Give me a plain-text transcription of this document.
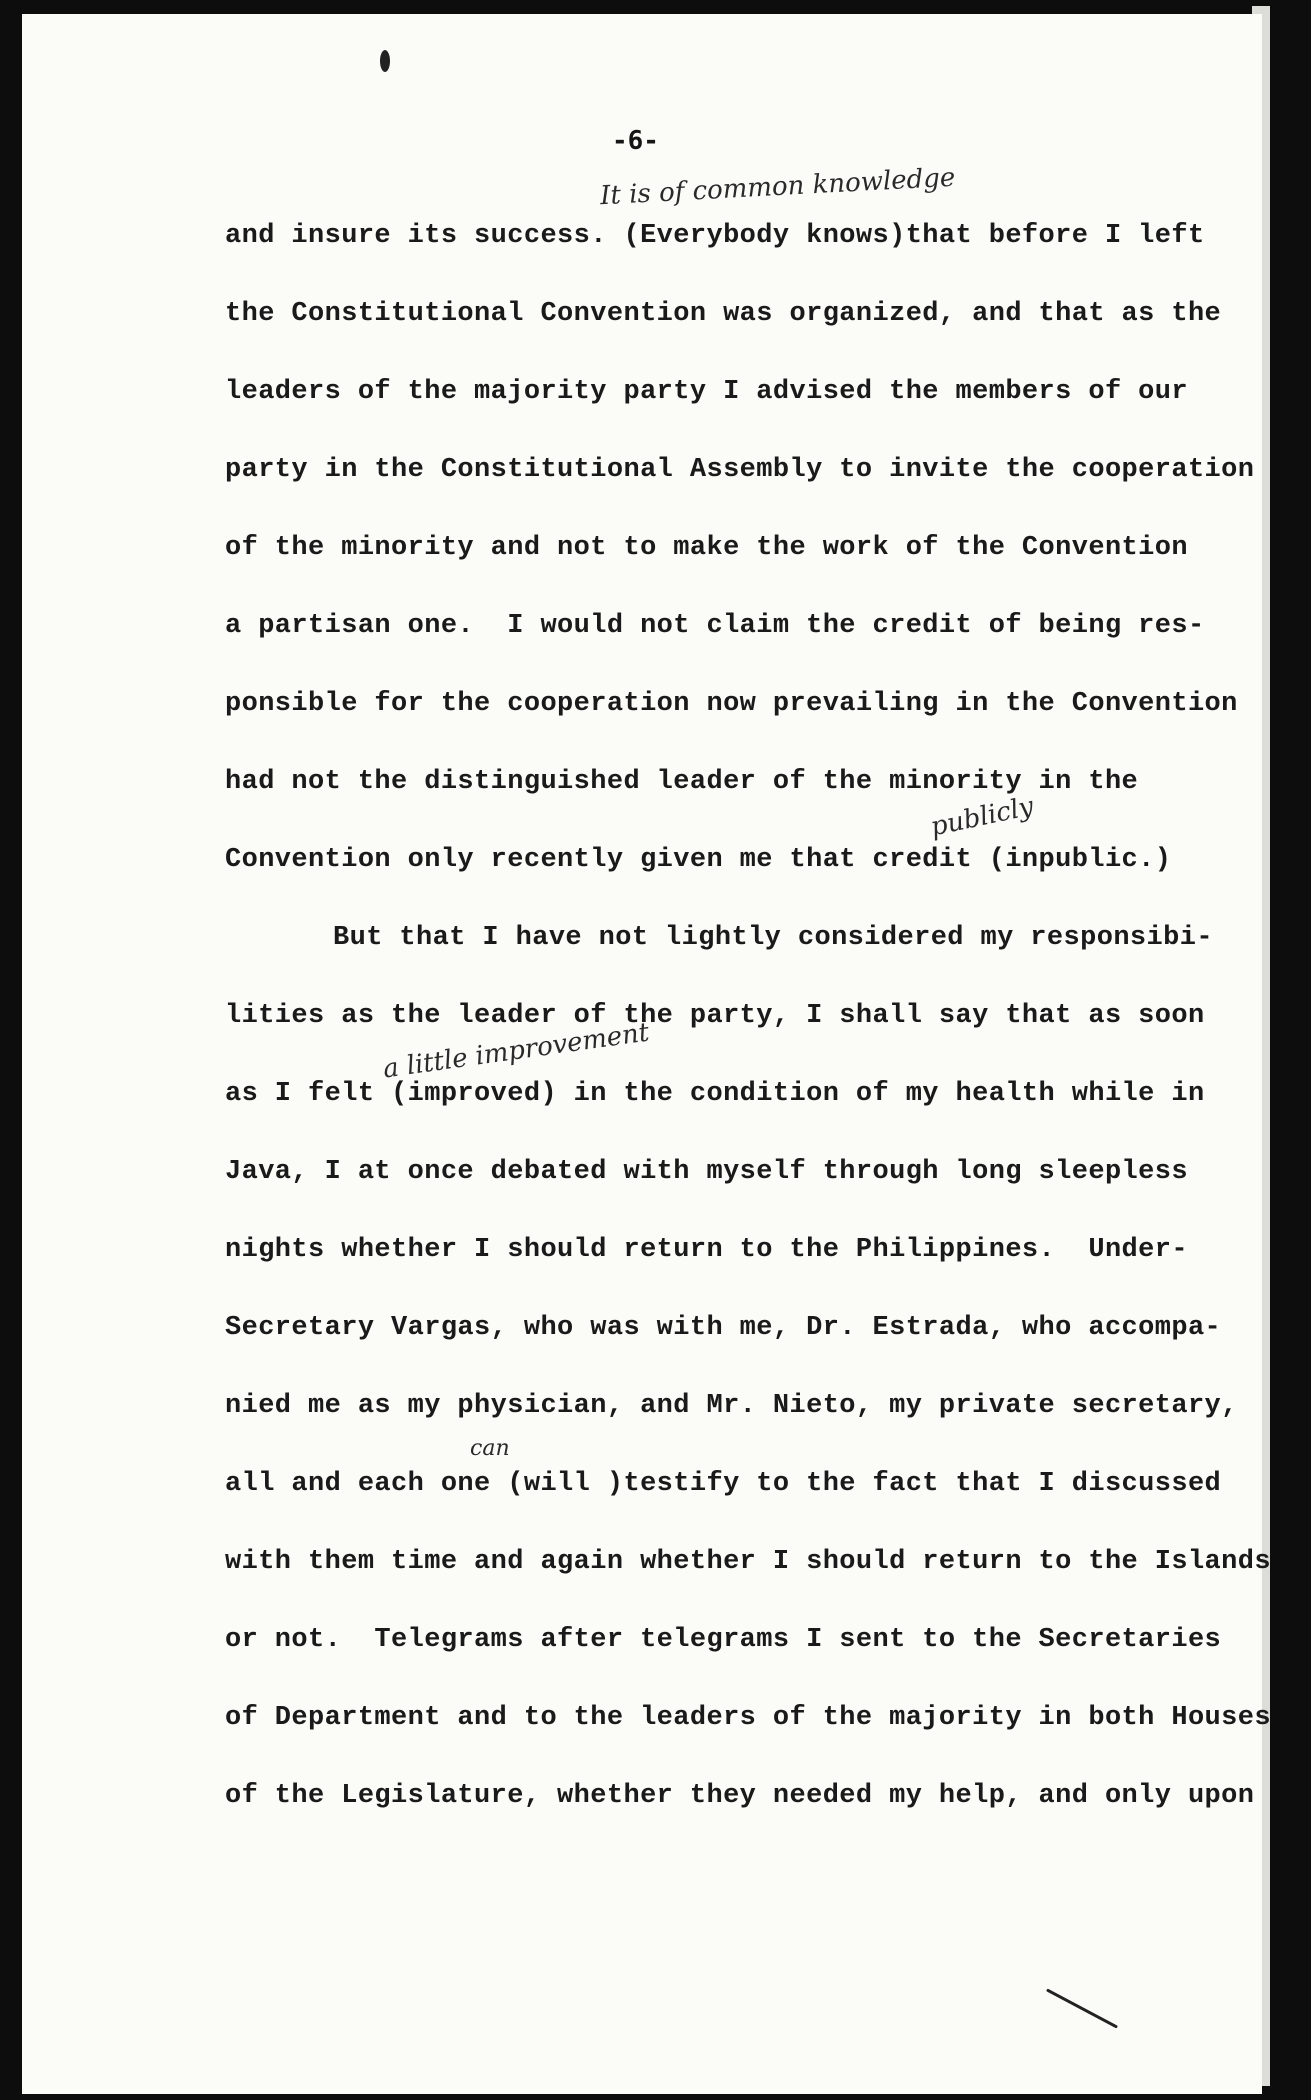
-6-
and insure its success. (Everybody knows)that before I left
the Constitutional Convention was organized, and that as the
leaders of the majority party I advised the members of our
party in the Constitutional Assembly to invite the cooperation
of the minority and not to make the work of the Convention
a partisan one.  I would not claim the credit of being res-
ponsible for the cooperation now prevailing in the Convention
had not the distinguished leader of the minority in the
Convention only recently given me that credit (inpublic.)
But that I have not lightly considered my responsibi-
lities as the leader of the party, I shall say that as soon
as I felt (improved) in the condition of my health while in
Java, I at once debated with myself through long sleepless
nights whether I should return to the Philippines.  Under-
Secretary Vargas, who was with me, Dr. Estrada, who accompa-
nied me as my physician, and Mr. Nieto, my private secretary,
all and each one (will )testify to the fact that I discussed
with them time and again whether I should return to the Islands
or not.  Telegrams after telegrams I sent to the Secretaries
of Department and to the leaders of the majority in both Houses
of the Legislature, whether they needed my help, and only upon
It is of common knowledge
publicly
a little improvement
can
